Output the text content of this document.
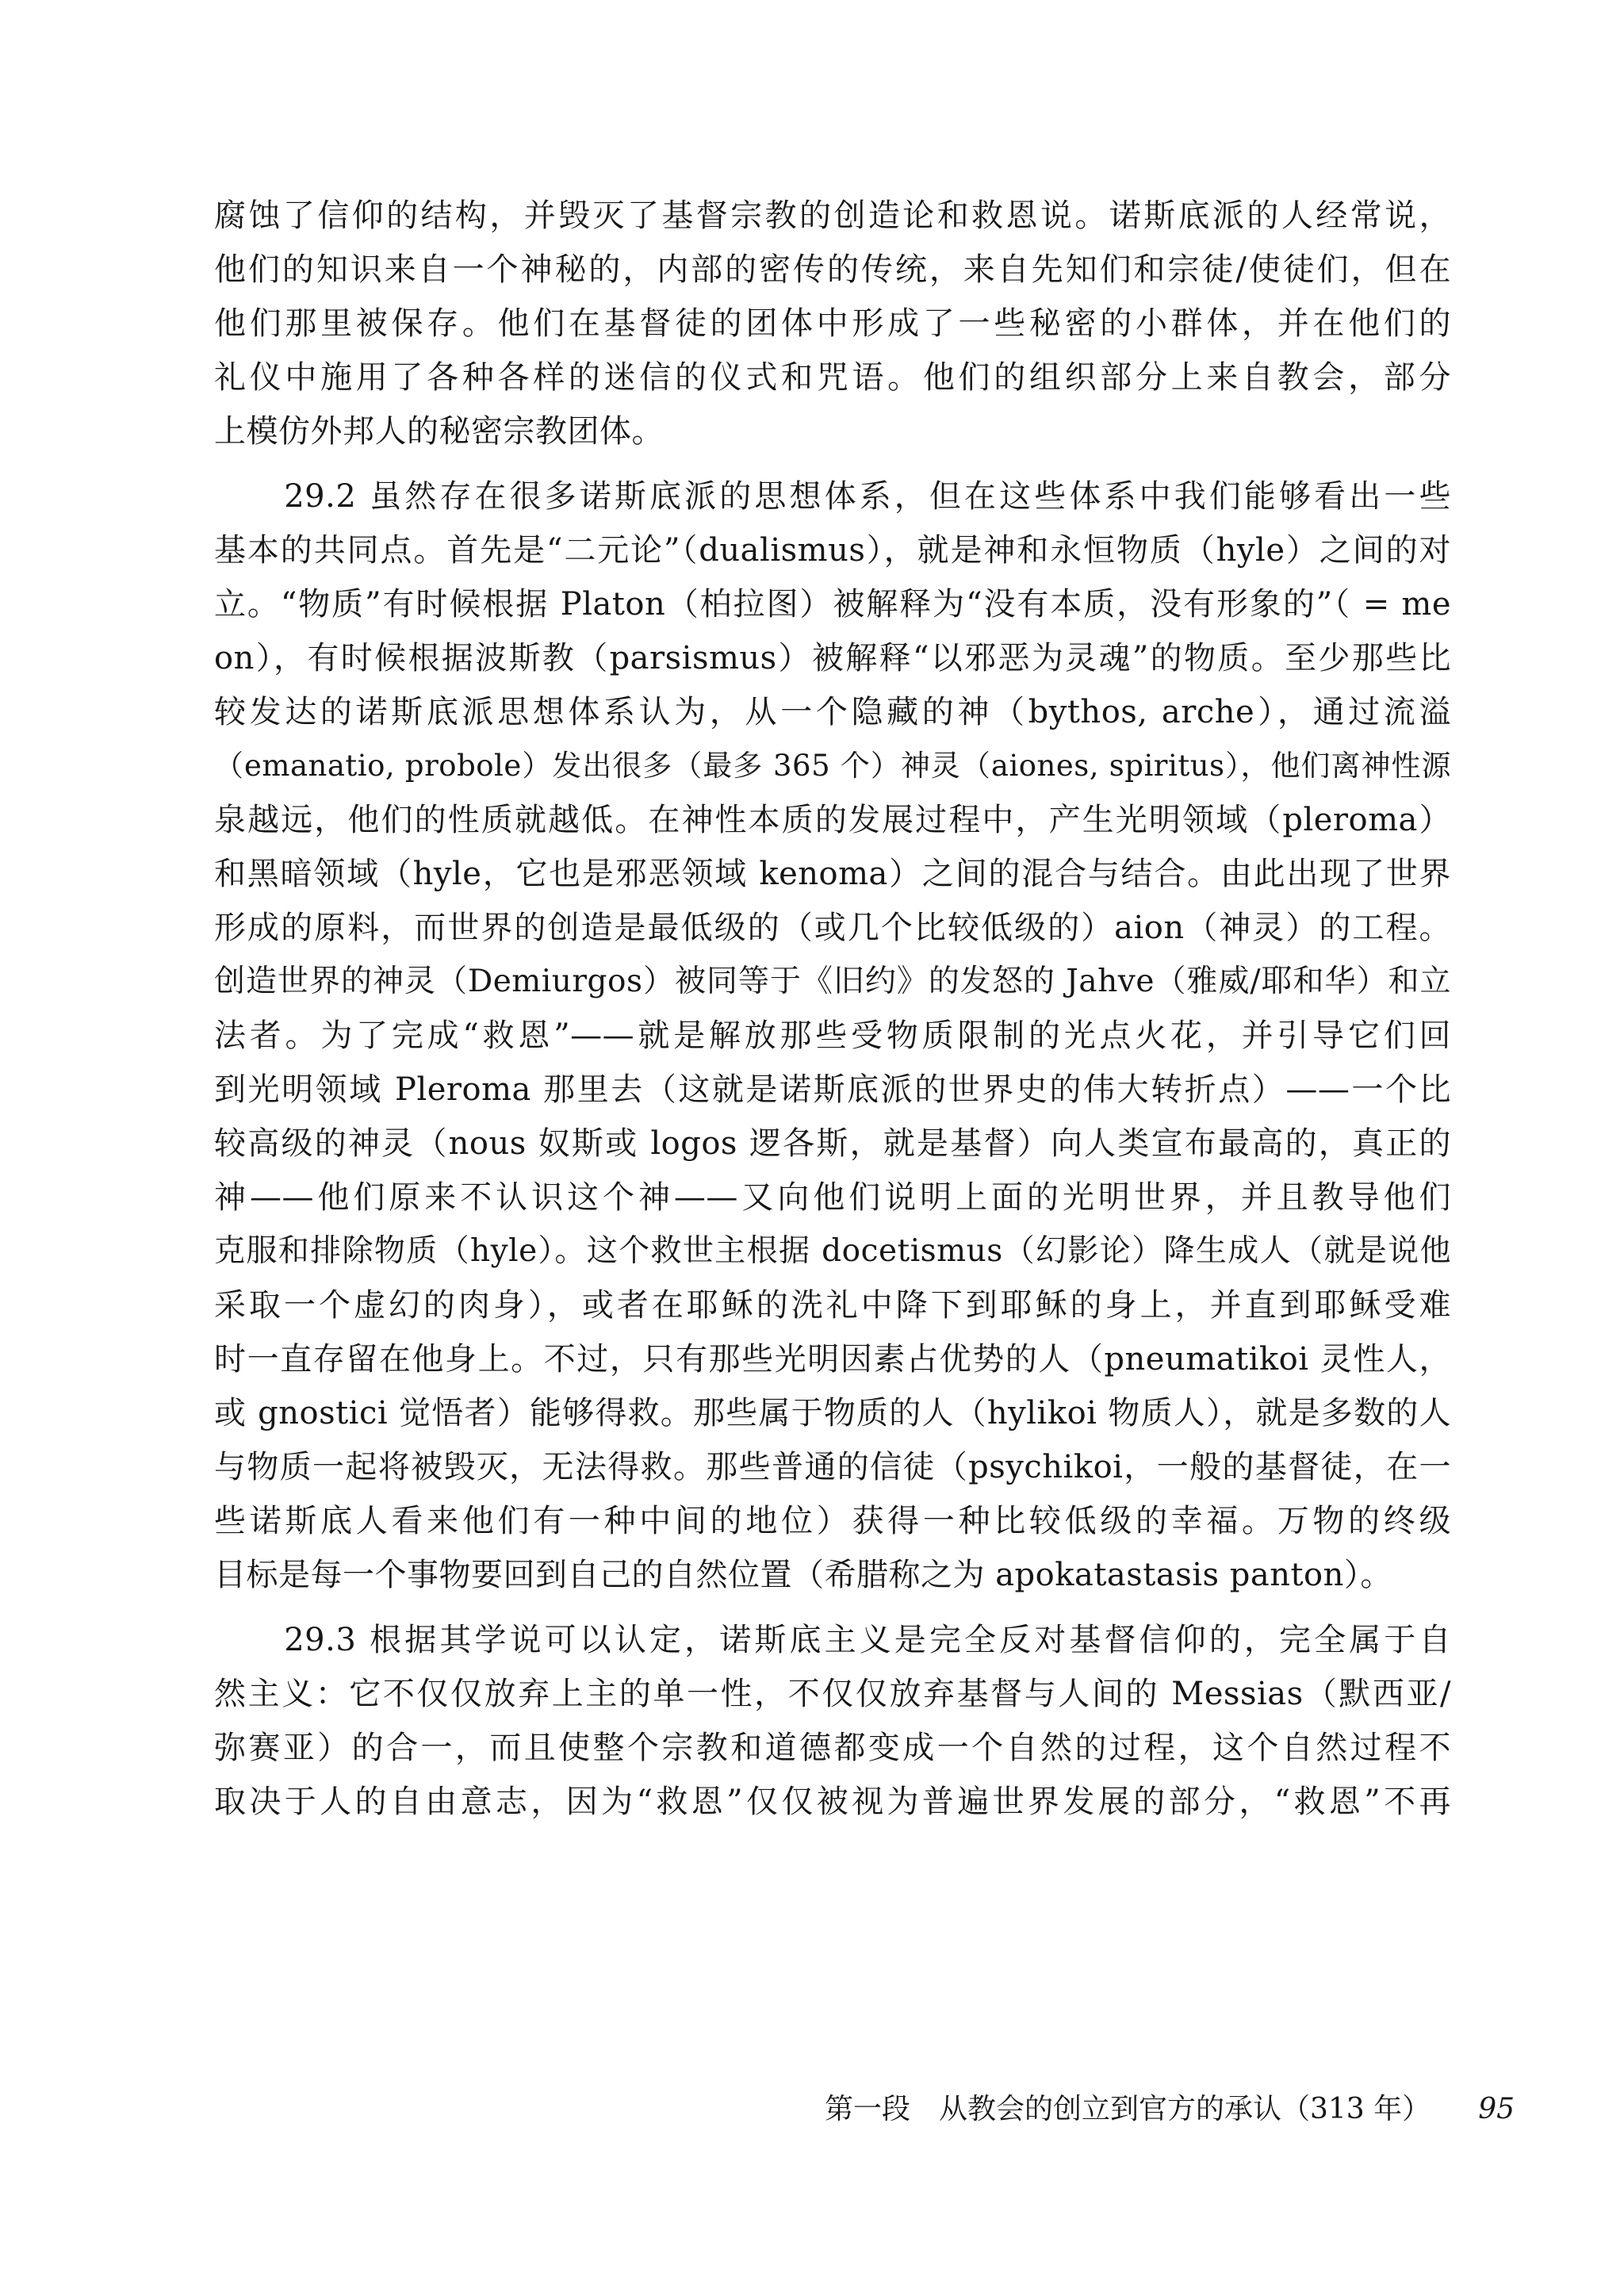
腐蚀了信仰的结构，并毁灭了基督宗教的创造论和救恩说。诺斯底派的人经常说，
他们的知识来自一个神秘的，内部的密传的传统，来自先知们和宗徒/使徒们，但在
他们那里被保存。他们在基督徒的团体中形成了一些秘密的小群体，并在他们的
礼仪中施用了各种各样的迷信的仪式和咒语。他们的组织部分上来自教会，部分
上模仿外邦人的秘密宗教团体。
　　29.2 虽然存在很多诺斯底派的思想体系，但在这些体系中我们能够看出一些
基本的共同点。首先是“二元论”（dualismus），就是神和永恒物质（hyle）之间的对
立。“物质”有时候根据 Platon（柏拉图）被解释为“没有本质，没有形象的”（ = me
on），有时候根据波斯教（parsismus）被解释“以邪恶为灵魂”的物质。至少那些比
较发达的诺斯底派思想体系认为，从一个隐藏的神（bythos, arche），通过流溢
（emanatio, probole）发出很多（最多 365 个）神灵（aiones, spiritus），他们离神性源
泉越远，他们的性质就越低。在神性本质的发展过程中，产生光明领域（pleroma）
和黑暗领域（hyle，它也是邪恶领域 kenoma）之间的混合与结合。由此出现了世界
形成的原料，而世界的创造是最低级的（或几个比较低级的）aion（神灵）的工程。
创造世界的神灵（Demiurgos）被同等于《旧约》的发怒的 Jahve（雅威/耶和华）和立
法者。为了完成“救恩”——就是解放那些受物质限制的光点火花，并引导它们回
到光明领域 Pleroma 那里去（这就是诺斯底派的世界史的伟大转折点）——一个比
较高级的神灵（nous 奴斯或 logos 逻各斯，就是基督）向人类宣布最高的，真正的
神——他们原来不认识这个神——又向他们说明上面的光明世界，并且教导他们
克服和排除物质（hyle）。这个救世主根据 docetismus（幻影论）降生成人（就是说他
采取一个虚幻的肉身），或者在耶稣的洗礼中降下到耶稣的身上，并直到耶稣受难
时一直存留在他身上。不过，只有那些光明因素占优势的人（pneumatikoi 灵性人，
或 gnostici 觉悟者）能够得救。那些属于物质的人（hylikoi 物质人），就是多数的人
与物质一起将被毁灭，无法得救。那些普通的信徒（psychikoi，一般的基督徒，在一
些诺斯底人看来他们有一种中间的地位）获得一种比较低级的幸福。万物的终级
目标是每一个事物要回到自己的自然位置（希腊称之为 apokatastasis panton）。
　　29.3 根据其学说可以认定，诺斯底主义是完全反对基督信仰的，完全属于自
然主义：它不仅仅放弃上主的单一性，不仅仅放弃基督与人间的 Messias（默西亚/
弥赛亚）的合一，而且使整个宗教和道德都变成一个自然的过程，这个自然过程不
取决于人的自由意志，因为“救恩”仅仅被视为普遍世界发展的部分，“救恩”不再
第一段　从教会的创立到官方的承认（313 年） 95
